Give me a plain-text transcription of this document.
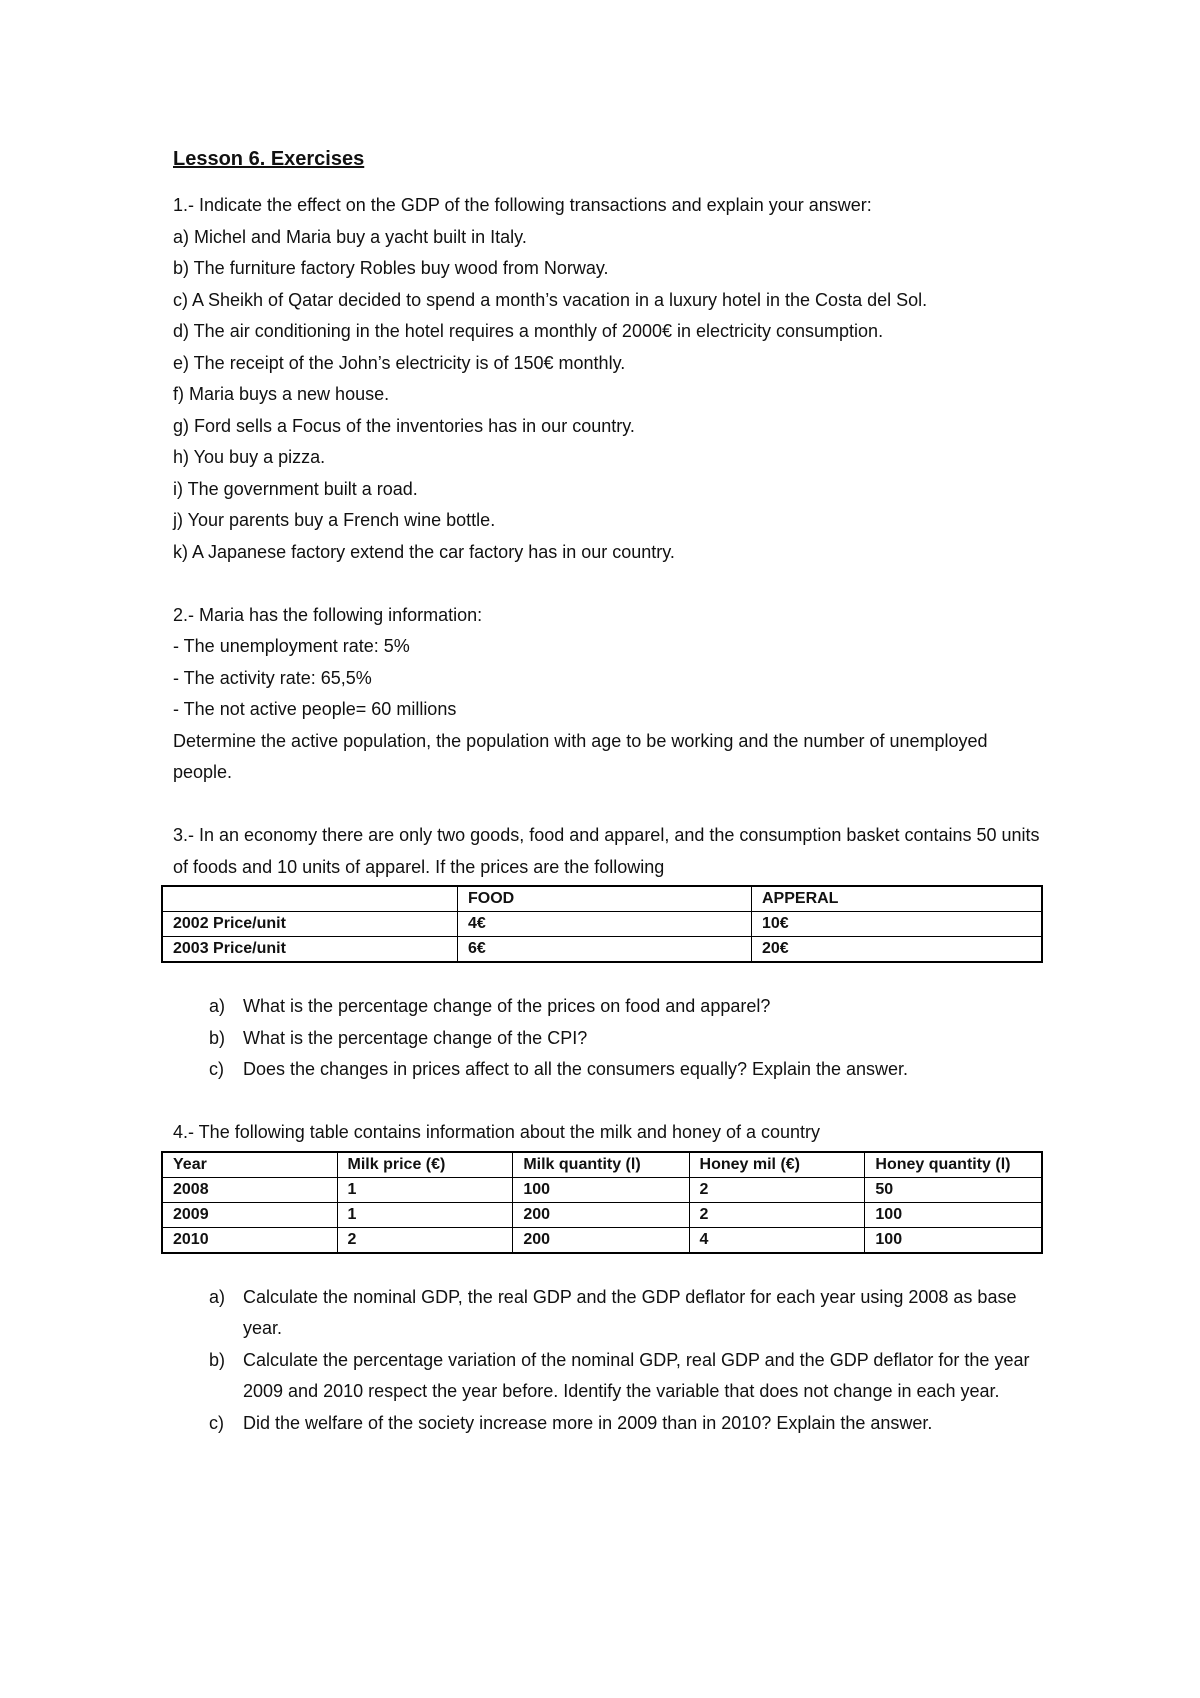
Lesson 6. Exercises
1.- Indicate the effect on the GDP of the following transactions and explain your answer:
a) Michel and Maria buy a yacht built in Italy.
b) The furniture factory Robles buy wood from Norway.
c) A Sheikh of Qatar decided to spend a month’s vacation in a luxury hotel in the Costa del Sol.
d) The air conditioning in the hotel requires a monthly of 2000€ in electricity consumption.
e) The receipt of the John’s electricity is of 150€ monthly.
f) Maria buys a new house.
g) Ford sells a Focus of the inventories has in our country.
h) You buy a pizza.
i) The government built a road.
j) Your parents buy a French wine bottle.
k) A Japanese factory extend the car factory has in our country.
2.- Maria has the following information:
- The unemployment rate: 5%
- The activity rate: 65,5%
- The not active people= 60 millions
Determine the active population, the population with age to be working and the number of unemployed people.
3.- In an economy there are only two goods, food and apparel, and the consumption basket contains 50 units of foods and 10 units of apparel. If the prices are the following
	FOOD	APPERAL
2002 Price/unit	4€	10€
2003 Price/unit	6€	20€
a) What is the percentage change of the prices on food and apparel?
b) What is the percentage change of the CPI?
c)	Does the changes in prices affect to all the consumers equally? Explain the answer.
4.- The following table contains information about the milk and honey of a country
Year	Milk price (€)	Milk quantity (l)	Honey mil (€)	Honey quantity (l)
2008	1	100	2	50
2009	1	200	2	100
2010	2	200	4	100
a) Calculate the nominal GDP, the real GDP and the GDP deflator for each year using 2008 as base year.
b) Calculate the percentage variation of the nominal GDP, real GDP and the GDP deflator for the year 2009 and 2010 respect the year before. Identify the variable that does not change in each year.
c)	Did the welfare of the society increase more in 2009 than in 2010? Explain the answer.
